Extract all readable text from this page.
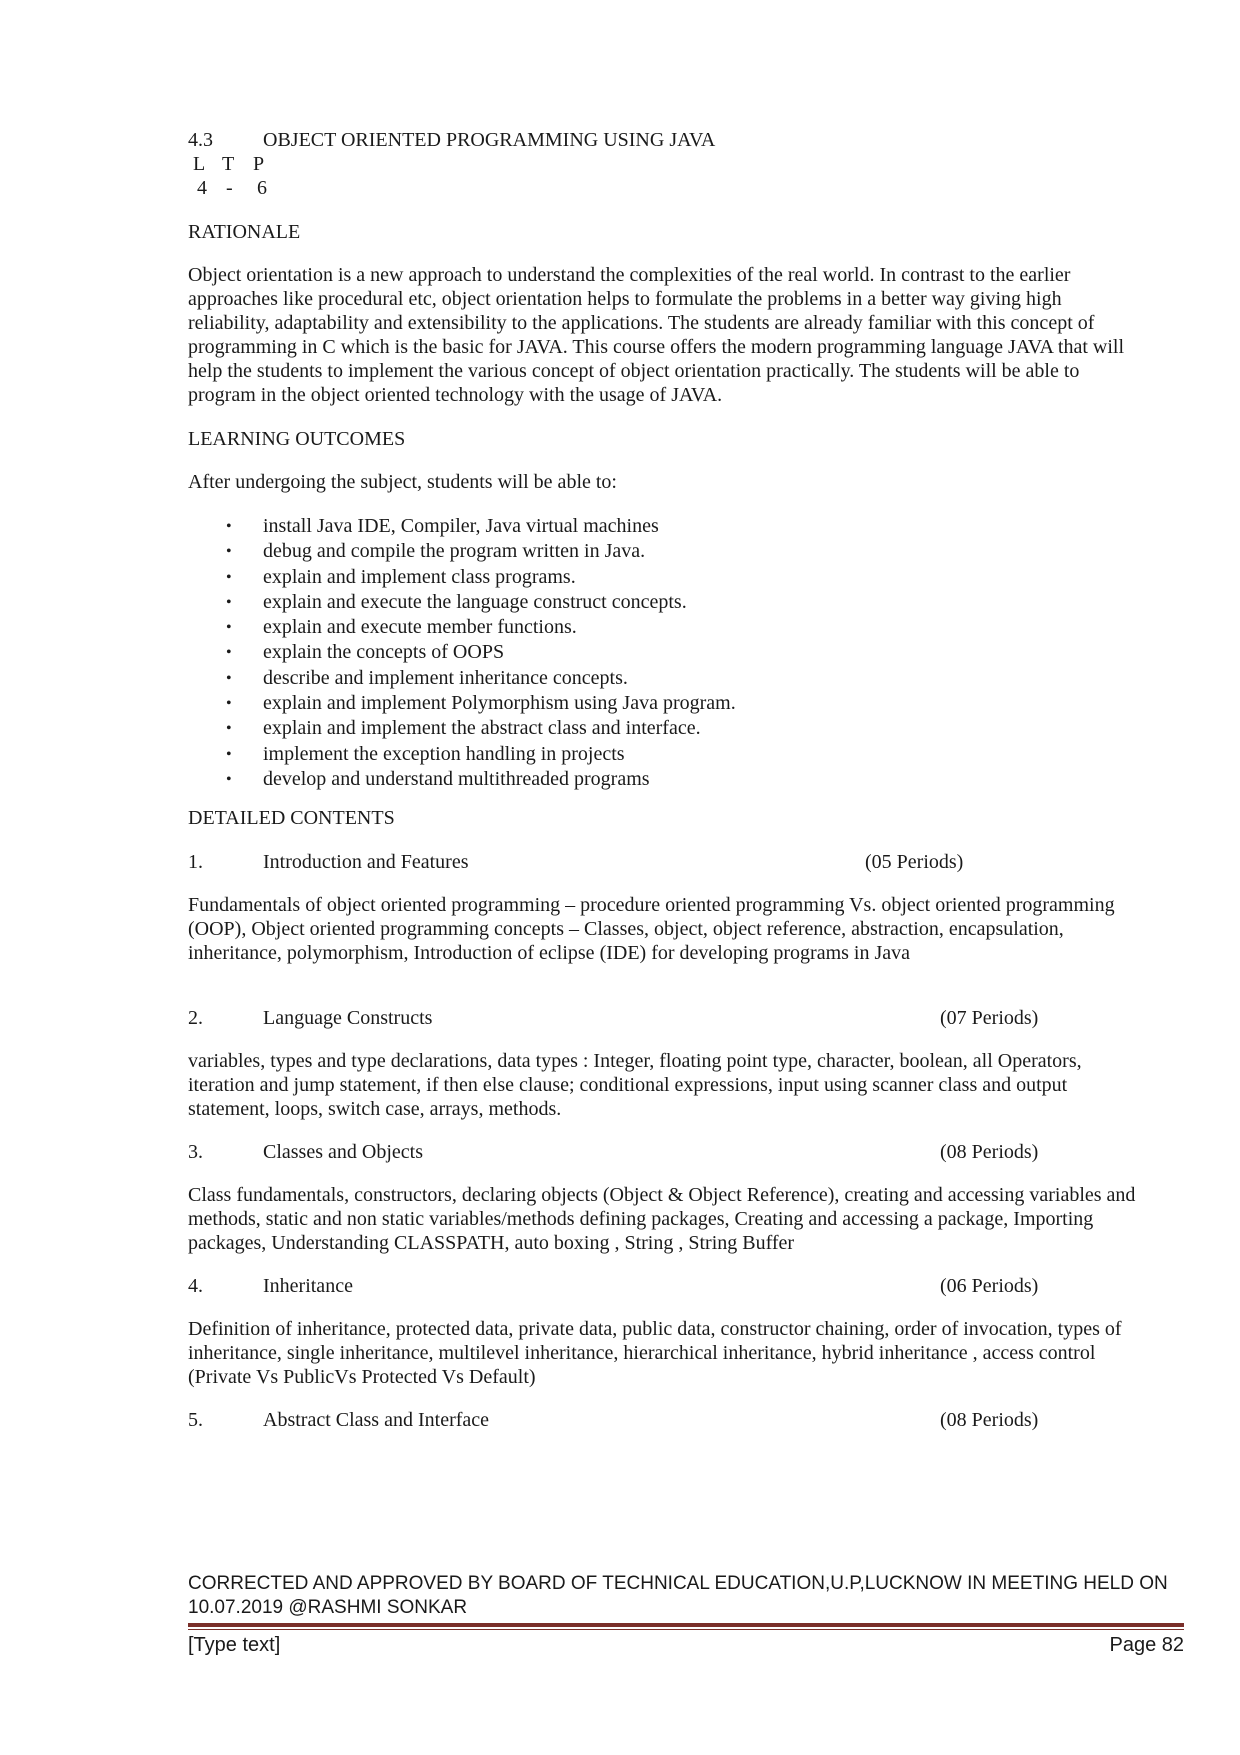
4.3	OBJECT ORIENTED PROGRAMMING USING JAVA
L T P
4 - 6
RATIONALE
Object orientation is a new approach to understand the complexities of the real world. In contrast to the earlier
approaches like procedural etc, object orientation helps to formulate the problems in a better way giving high
reliability, adaptability and extensibility to the applications. The students are already familiar with this concept of
programming in C which is the basic for JAVA. This course offers the modern programming language JAVA that will
help the students to implement the various concept of object orientation practically. The students will be able to
program in the object oriented technology with the usage of JAVA.
LEARNING OUTCOMES
After undergoing the subject, students will be able to:
• install Java IDE, Compiler, Java virtual machines
• debug and compile the program written in Java.
• explain and implement class programs.
• explain and execute the language construct concepts.
• explain and execute member functions.
• explain the concepts of OOPS
• describe and implement inheritance concepts.
• explain and implement Polymorphism using Java program.
• explain and implement the abstract class and interface.
• implement the exception handling in projects
• develop and understand multithreaded programs
DETAILED CONTENTS
1.	Introduction and Features	(05 Periods)
Fundamentals of object oriented programming – procedure oriented programming Vs. object oriented programming
(OOP), Object oriented programming concepts – Classes, object, object reference, abstraction, encapsulation,
inheritance, polymorphism, Introduction of eclipse (IDE) for developing programs in Java
2.	Language Constructs	(07 Periods)
variables, types and type declarations, data types : Integer, floating point type, character, boolean, all Operators,
iteration and jump statement, if then else clause; conditional expressions, input using scanner class and output
statement, loops, switch case, arrays, methods.
3.	Classes and Objects	(08 Periods)
Class fundamentals, constructors, declaring objects (Object & Object Reference), creating and accessing variables and
methods, static and non static variables/methods defining packages, Creating and accessing a package, Importing
packages, Understanding CLASSPATH, auto boxing , String , String Buffer
4.	Inheritance	(06 Periods)
Definition of inheritance, protected data, private data, public data, constructor chaining, order of invocation, types of
inheritance, single inheritance, multilevel inheritance, hierarchical inheritance, hybrid inheritance , access control
(Private Vs PublicVs Protected Vs Default)
5.	Abstract Class and Interface	(08 Periods)
CORRECTED AND APPROVED BY BOARD OF TECHNICAL EDUCATION,U.P,LUCKNOW IN MEETING HELD ON
10.07.2019 @RASHMI SONKAR
[Type text]	Page 82
